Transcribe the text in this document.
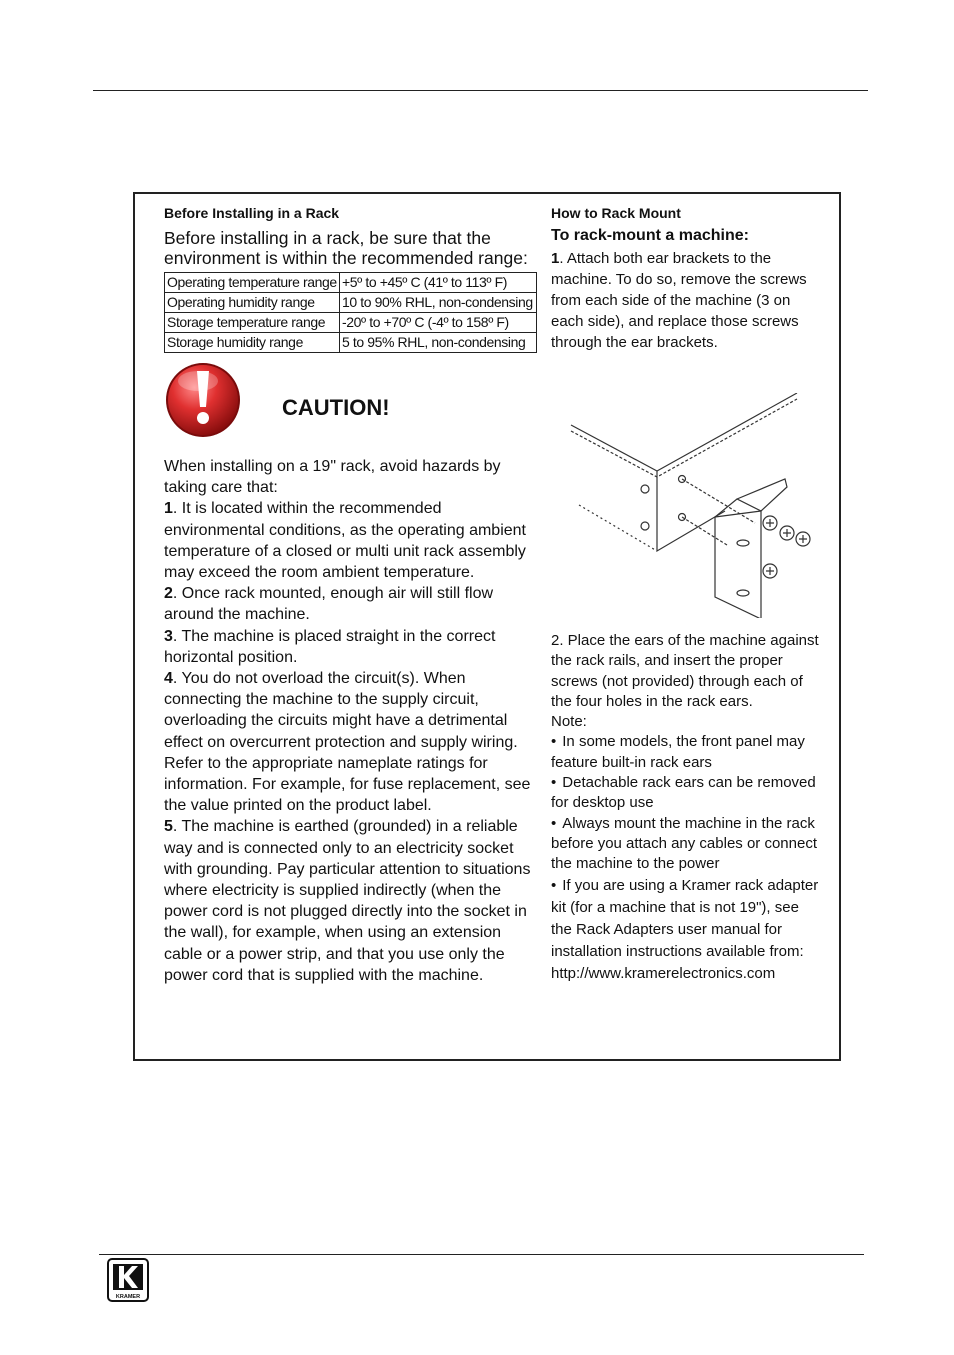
Before Installing in a Rack

Before installing in a rack, be sure that the environment is within the recommended range:

Operating temperature range	+5º to +45º C (41º to 113º F)
Operating humidity range	10 to 90% RHL, non-condensing
Storage temperature range	-20º to +70º C (-4º to 158º F)
Storage humidity range	5 to 95% RHL, non-condensing
CAUTION!

When installing on a 19" rack, avoid hazards by taking care that:

1. It is located within the recommended environmental conditions, as the operating ambient temperature of a closed or multi unit rack assembly may exceed the room ambient temperature.

2. Once rack mounted, enough air will still flow around the machine.

3. The machine is placed straight in the correct horizontal position.

4. You do not overload the circuit(s). When connecting the machine to the supply circuit, overloading the circuits might have a detrimental effect on overcurrent protection and supply wiring. Refer to the appropriate nameplate ratings for information. For example, for fuse replacement, see the value printed on the product label.

5. The machine is earthed (grounded) in a reliable way and is connected only to an electricity socket with grounding. Pay particular attention to situations where electricity is supplied indirectly (when the power cord is not plugged directly into the socket in the wall), for example, when using an extension cable or a power strip, and that you use only the power cord that is supplied with the machine.

How to Rack Mount
To rack-mount a machine:

1. Attach both ear brackets to the machine. To do so, remove the screws from each side of the machine (3 on each side), and replace those screws through the ear brackets.

2. Place the ears of the machine against the rack rails, and insert the proper screws (not provided) through each of the four holes in the rack ears.

Note:

• In some models, the front panel may feature built-in rack ears

• Detachable rack ears can be removed for desktop use

• Always mount the machine in the rack before you attach any cables or connect the machine to the power

• If you are using a Kramer rack adapter kit (for a machine that is not 19"), see the Rack Adapters user manual for installation instructions available from: http://www.kramerelectronics.com

KRAMER
